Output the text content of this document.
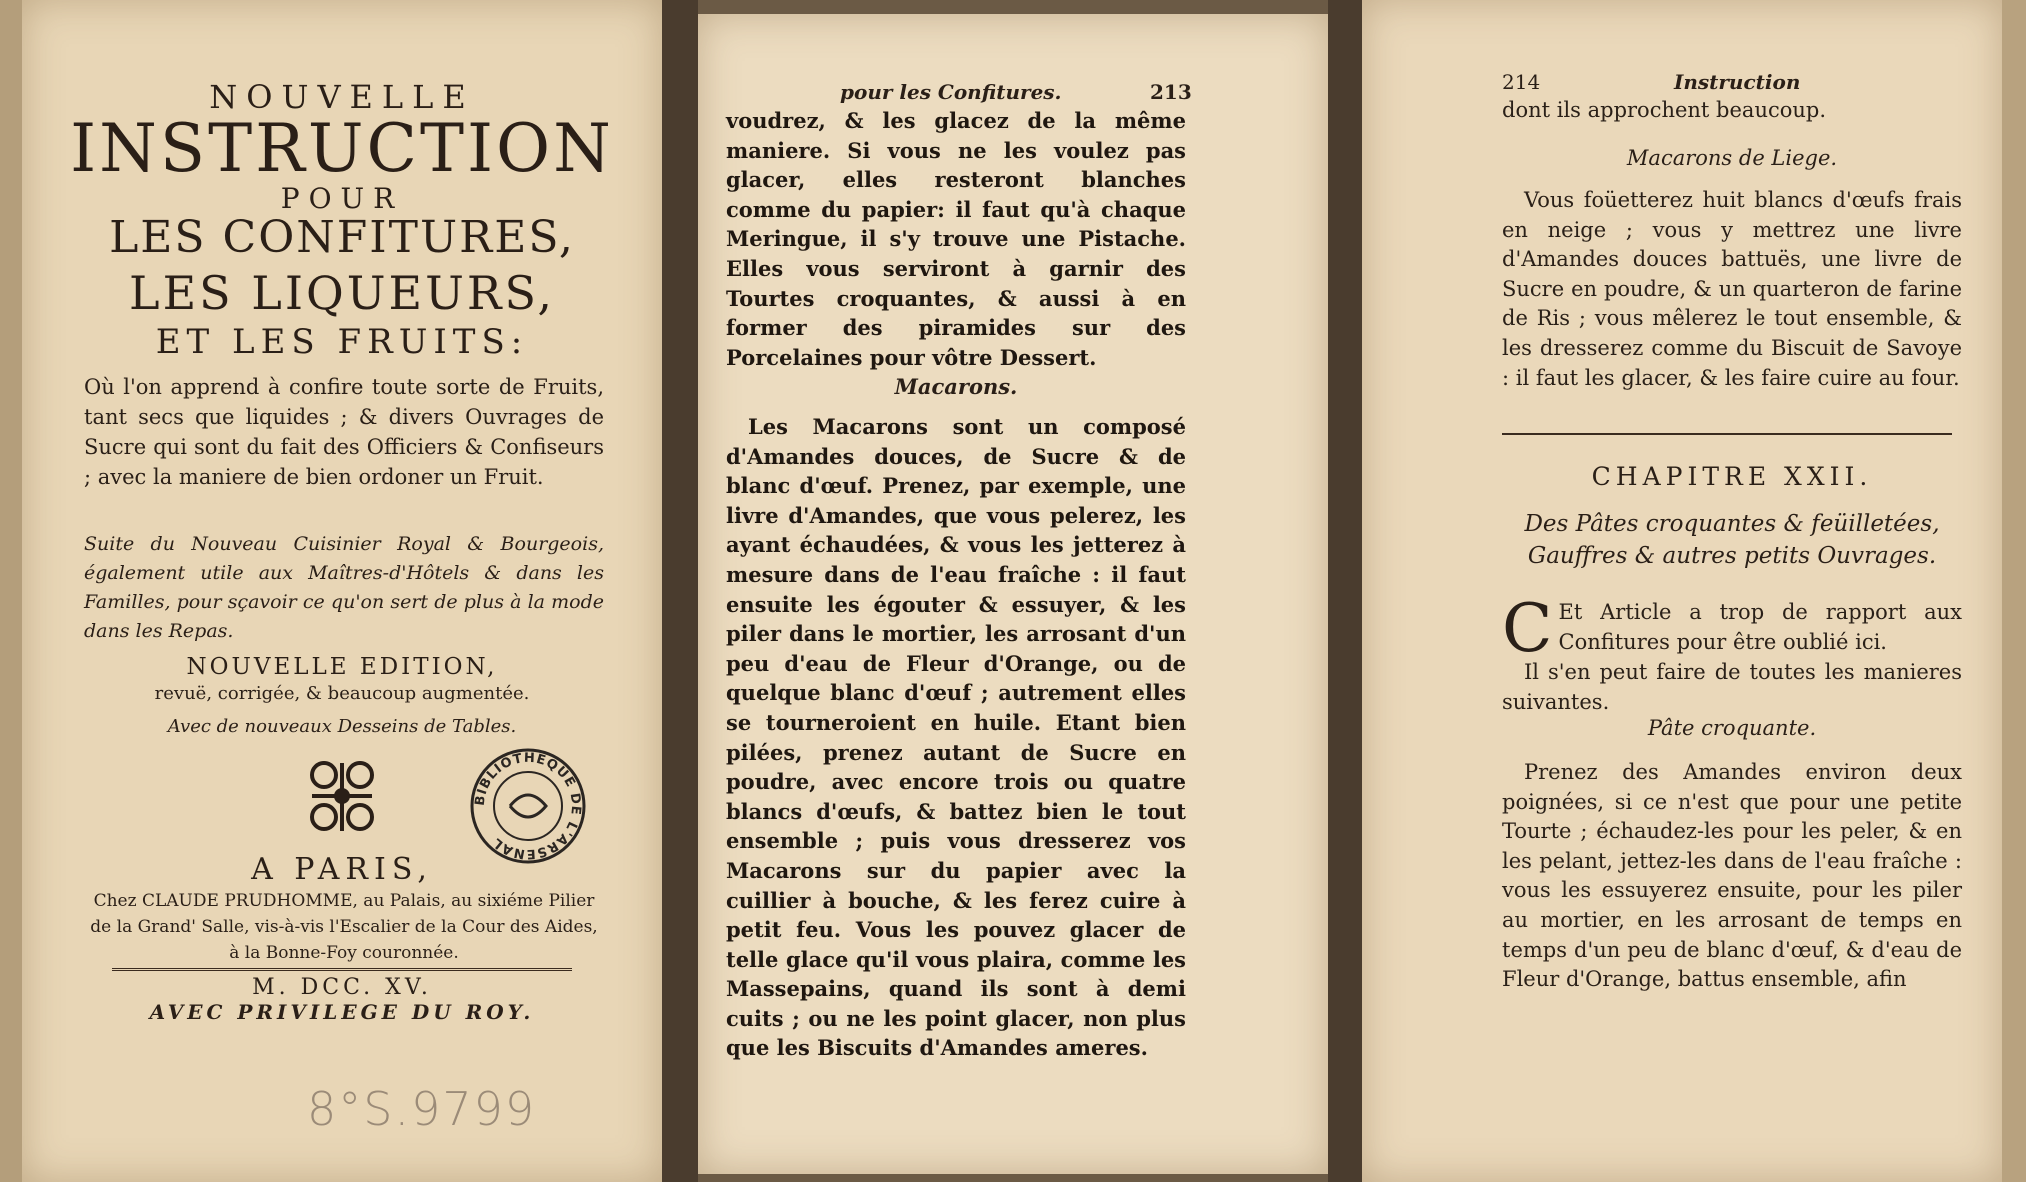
NOUVELLE
INSTRUCTION
POUR
LES CONFITURES,
LES LIQUEURS,
ET LES FRUITS:
Où l'on apprend à confire toute sorte de Fruits, tant secs que liquides ; & divers Ouvrages de Sucre qui sont du fait des Officiers & Confiseurs ; avec la maniere de bien ordoner un Fruit.
Suite du Nouveau Cuisinier Royal & Bourgeois, également utile aux Maîtres-d'Hôtels & dans les Familles, pour sçavoir ce qu'on sert de plus à la mode dans les Repas.
NOUVELLE EDITION,
revuë, corrigée, & beaucoup augmentée.
Avec de nouveaux Desseins de Tables.
BIBLIOTHEQUE DE L'ARSENAL
A PARIS,
Chez CLAUDE PRUDHOMME, au Palais, au sixiéme Pilier de la Grand' Salle, vis-à-vis l'Escalier de la Cour des Aides, à la Bonne-Foy couronnée.
M. DCC. XV.
AVEC PRIVILEGE DU ROY.
8°S.9799
pour les Confitures.	213
voudrez, & les glacez de la même maniere. Si vous ne les voulez pas glacer, elles resteront blanches comme du papier: il faut qu'à chaque Meringue, il s'y trouve une Pistache. Elles vous serviront à garnir des Tourtes croquantes, & aussi à en former des piramides sur des Porcelaines pour vôtre Dessert.
Macarons.
Les Macarons sont un composé d'Amandes douces, de Sucre & de blanc d'œuf. Prenez, par exemple, une livre d'Amandes, que vous pelerez, les ayant échaudées, & vous les jetterez à mesure dans de l'eau fraîche : il faut ensuite les égouter & essuyer, & les piler dans le mortier, les arrosant d'un peu d'eau de Fleur d'Orange, ou de quelque blanc d'œuf ; autrement elles se tourneroient en huile. Etant bien pilées, prenez autant de Sucre en poudre, avec encore trois ou quatre blancs d'œufs, & battez bien le tout ensemble ; puis vous dresserez vos Macarons sur du papier avec la cuillier à bouche, & les ferez cuire à petit feu. Vous les pouvez glacer de telle glace qu'il vous plaira, comme les Massepains, quand ils sont à demi cuits ; ou ne les point glacer, non plus que les Biscuits d'Amandes ameres.
214	Instruction
dont ils approchent beaucoup.
Macarons de Liege.
Vous foüetterez huit blancs d'œufs frais en neige ; vous y mettrez une livre d'Amandes douces battuës, une livre de Sucre en poudre, & un quarteron de farine de Ris ; vous mêlerez le tout ensemble, & les dresserez comme du Biscuit de Savoye : il faut les glacer, & les faire cuire au four.
CHAPITRE XXII.
Des Pâtes croquantes & feüilletées, Gauffres & autres petits Ouvrages.
C Et Article a trop de rapport aux Confitures pour être oublié ici.
Il s'en peut faire de toutes les manieres suivantes.
Pâte croquante.
Prenez des Amandes environ deux poignées, si ce n'est que pour une petite Tourte ; échaudez-les pour les peler, & en les pelant, jettez-les dans de l'eau fraîche : vous les essuyerez ensuite, pour les piler au mortier, en les arrosant de temps en temps d'un peu de blanc d'œuf, & d'eau de Fleur d'Orange, battus ensemble, afin
